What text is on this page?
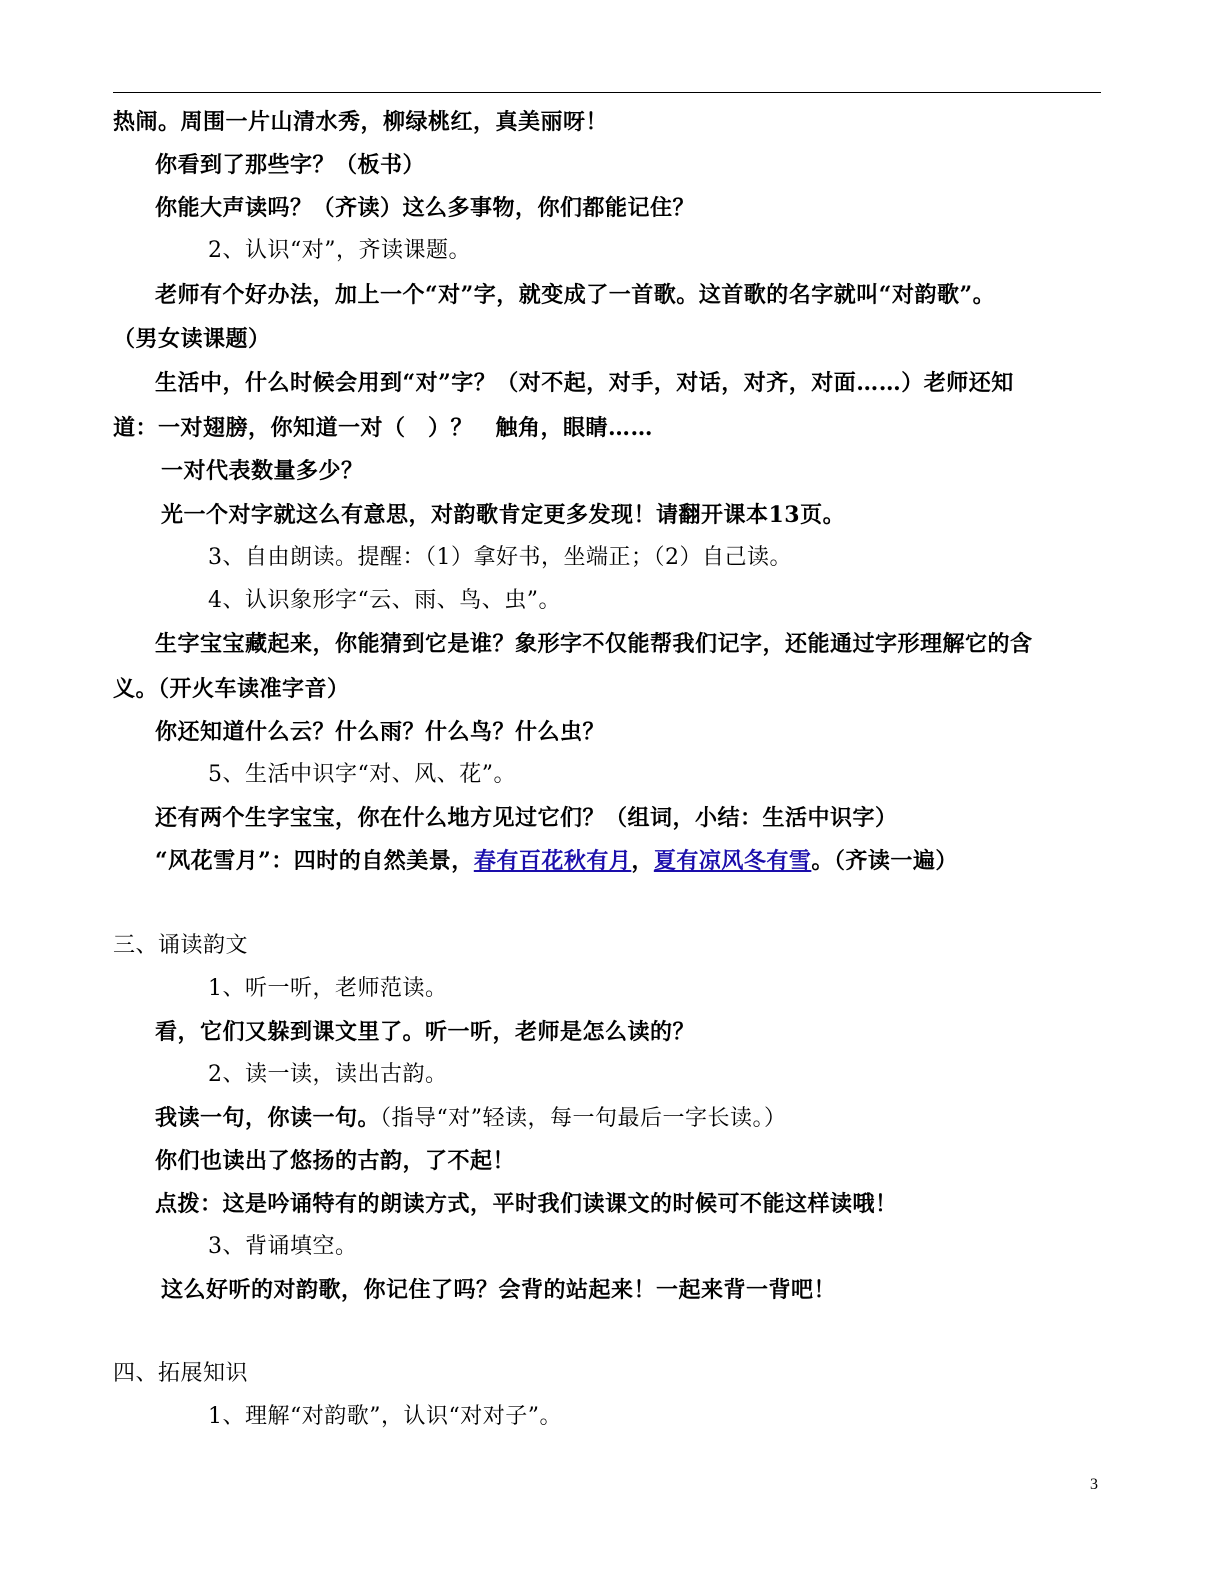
热闹。周围一片山清水秀，柳绿桃红，真美丽呀！
你看到了那些字？（板书）
你能大声读吗？（齐读）这么多事物，你们都能记住？
2、认识“对”，齐读课题。
老师有个好办法，加上一个“对”字，就变成了一首歌。这首歌的名字就叫“对韵歌”。
（男女读课题）
生活中，什么时候会用到“对”字？（对不起，对手，对话，对齐，对面……）老师还知
道：一对翅膀，你知道一对（　）？　触角，眼睛……
一对代表数量多少？
光一个对字就这么有意思，对韵歌肯定更多发现！请翻开课本13页。
3、自由朗读。提醒：（1）拿好书，坐端正；（2）自己读。
4、认识象形字“云、雨、鸟、虫”。
生字宝宝藏起来，你能猜到它是谁？象形字不仅能帮我们记字，还能通过字形理解它的含
义。（开火车读准字音）
你还知道什么云？什么雨？什么鸟？什么虫？
5、生活中识字“对、风、花”。
还有两个生字宝宝，你在什么地方见过它们？（组词，小结：生活中识字）
“风花雪月”：四时的自然美景，春有百花秋有月，夏有凉风冬有雪。（齐读一遍）
三、诵读韵文
1、听一听，老师范读。
看，它们又躲到课文里了。听一听，老师是怎么读的？
2、读一读，读出古韵。
我读一句，你读一句。（指导“对”轻读，每一句最后一字长读。）
你们也读出了悠扬的古韵，了不起！
点拨：这是吟诵特有的朗读方式，平时我们读课文的时候可不能这样读哦！
3、背诵填空。
这么好听的对韵歌，你记住了吗？会背的站起来！一起来背一背吧！
四、拓展知识
1、理解“对韵歌”，认识“对对子”。
3
